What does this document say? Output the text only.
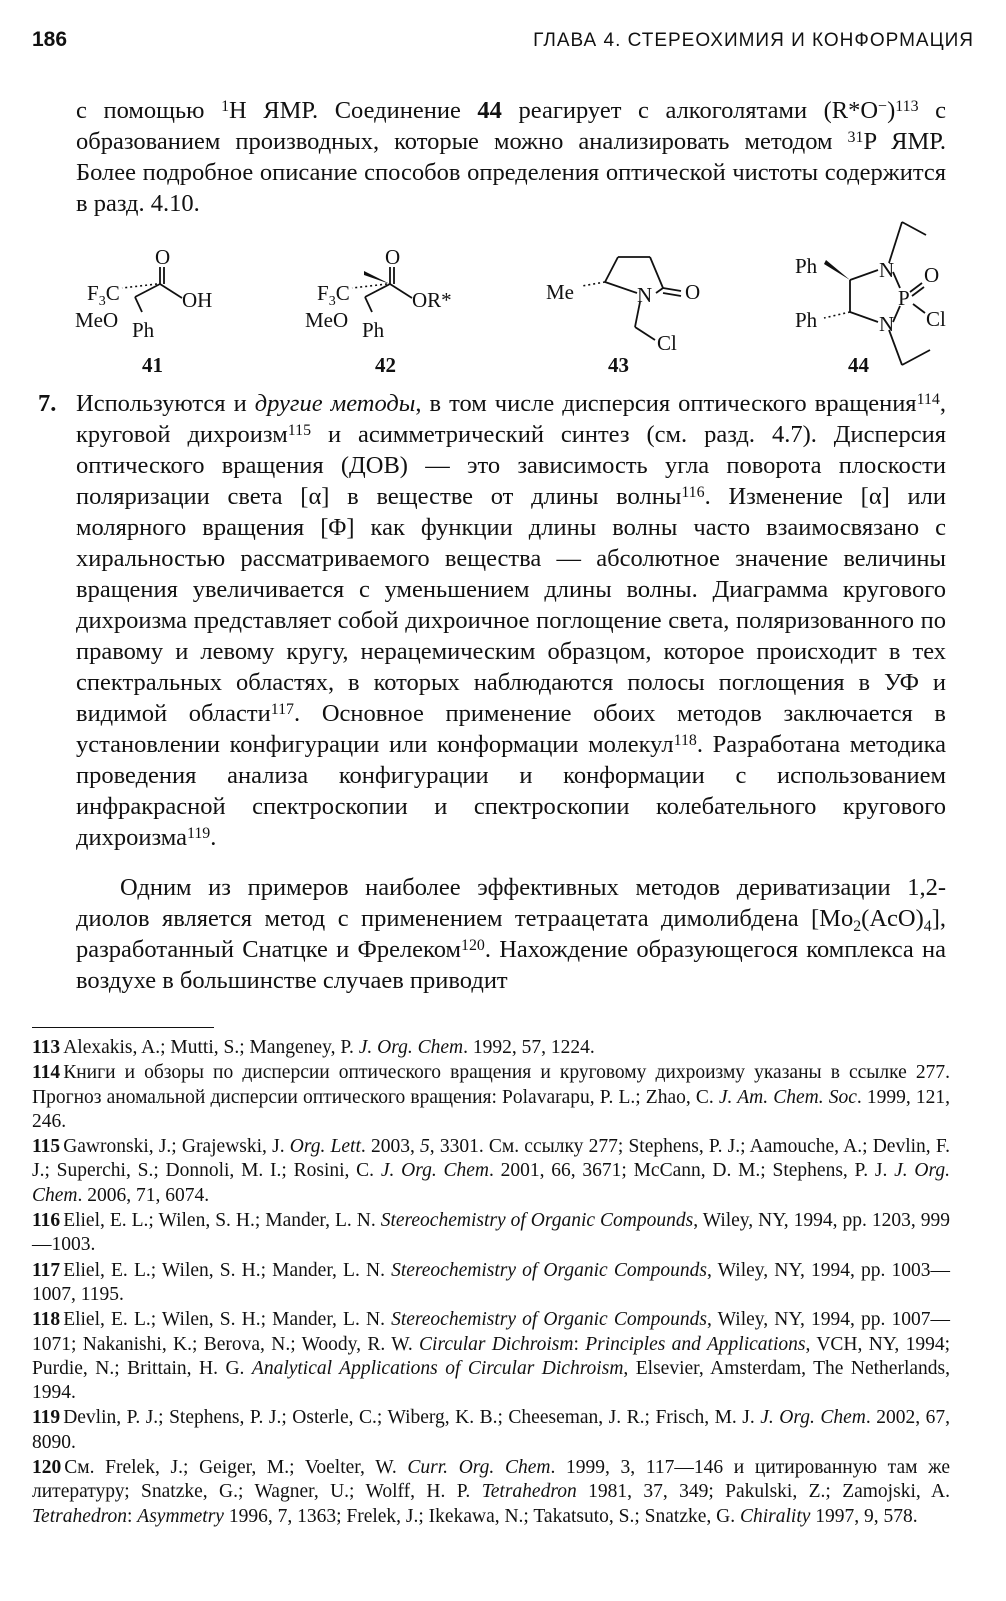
186	ГЛАВА 4. СТЕРЕОХИМИЯ И КОНФОРМАЦИЯ
с помощью $^1$H ЯМР. Соединение 44 реагирует с алкоголятами $(R*O^-)^{113}$ с образованием производных, которые можно анализировать методом $^{31}$P ЯМР. Более подробное описание способов определения оптической чистоты содержится в разд. 4.10.
$F_3C$
MeO Ph
O
OH
41
$F_3C$
MeO Ph
O
OR*
42
Me	N O
Cl
43
Ph
Ph
N
N
P
O
Cl
44
7. Используются и другие методы, в том числе дисперсия оптического вращения$^{114}$, круговой дихроизм$^{115}$ и асимметрический синтез (см. разд. 4.7). Дисперсия оптического вращения (ДОВ) — это зависимость угла поворота плоскости поляризации света [α] в веществе от длины волны$^{116}$. Изменение [α] или молярного вращения [Φ] как функции длины волны часто взаимосвязано с хиральностью рассматриваемого вещества — абсолютное значение величины вращения увеличивается с уменьшением длины волны. Диаграмма кругового дихроизма представляет собой дихроичное поглощение света, поляризованного по правому и левому кругу, нерацемическим образцом, которое происходит в тех спектральных областях, в которых наблюдаются полосы поглощения в УФ и видимой области$^{117}$. Основное применение обоих методов заключается в установлении конфигурации или конформации молекул$^{118}$. Разработана методика проведения анализа конфигурации и конформации с использованием инфракрасной спектроскопии и спектроскопии колебательного кругового дихроизма$^{119}$.
Одним из примеров наиболее эффективных методов дериватизации 1,2-диолов является метод с применением тетраацетата димолибдена $[Mo_2(AcO)_4]$, разработанный Снатцке и Фрелеком$^{120}$. Нахождение образующегося комплекса на воздухе в большинстве случаев приводит
113 Alexakis, A.; Mutti, S.; Mangeney, P. J. Org. Chem. 1992, 57, 1224.
114 Книги и обзоры по дисперсии оптического вращения и круговому дихроизму указаны в ссылке 277. Прогноз аномальной дисперсии оптического вращения: Polavarapu, P. L.; Zhao, C. J. Am. Chem. Soc. 1999, 121, 246.
115 Gawronski, J.; Grajewski, J. Org. Lett. 2003, 5, 3301. См. ссылку 277; Stephens, P. J.; Aamouche, A.; Devlin, F. J.; Superchi, S.; Donnoli, M. I.; Rosini, C. J. Org. Chem. 2001, 66, 3671; McCann, D. M.; Stephens, P. J. J. Org. Chem. 2006, 71, 6074.
116 Eliel, E. L.; Wilen, S. H.; Mander, L. N. Stereochemistry of Organic Compounds, Wiley, NY, 1994, pp. 1203, 999—1003.
117 Eliel, E. L.; Wilen, S. H.; Mander, L. N. Stereochemistry of Organic Compounds, Wiley, NY, 1994, pp. 1003—1007, 1195.
118 Eliel, E. L.; Wilen, S. H.; Mander, L. N. Stereochemistry of Organic Compounds, Wiley, NY, 1994, pp. 1007—1071; Nakanishi, K.; Berova, N.; Woody, R. W. Circular Dichroism: Principles and Applications, VCH, NY, 1994; Purdie, N.; Brittain, H. G. Analytical Applications of Circular Dichroism, Elsevier, Amsterdam, The Netherlands, 1994.
119 Devlin, P. J.; Stephens, P. J.; Osterle, C.; Wiberg, K. B.; Cheeseman, J. R.; Frisch, M. J. J. Org. Chem. 2002, 67, 8090.
120 См. Frelek, J.; Geiger, M.; Voelter, W. Curr. Org. Chem. 1999, 3, 117—146 и цитированную там же литературу; Snatzke, G.; Wagner, U.; Wolff, H. P. Tetrahedron 1981, 37, 349; Pakulski, Z.; Zamojski, A. Tetrahedron: Asymmetry 1996, 7, 1363; Frelek, J.; Ikekawa, N.; Takatsuto, S.; Snatzke, G. Chirality 1997, 9, 578.
